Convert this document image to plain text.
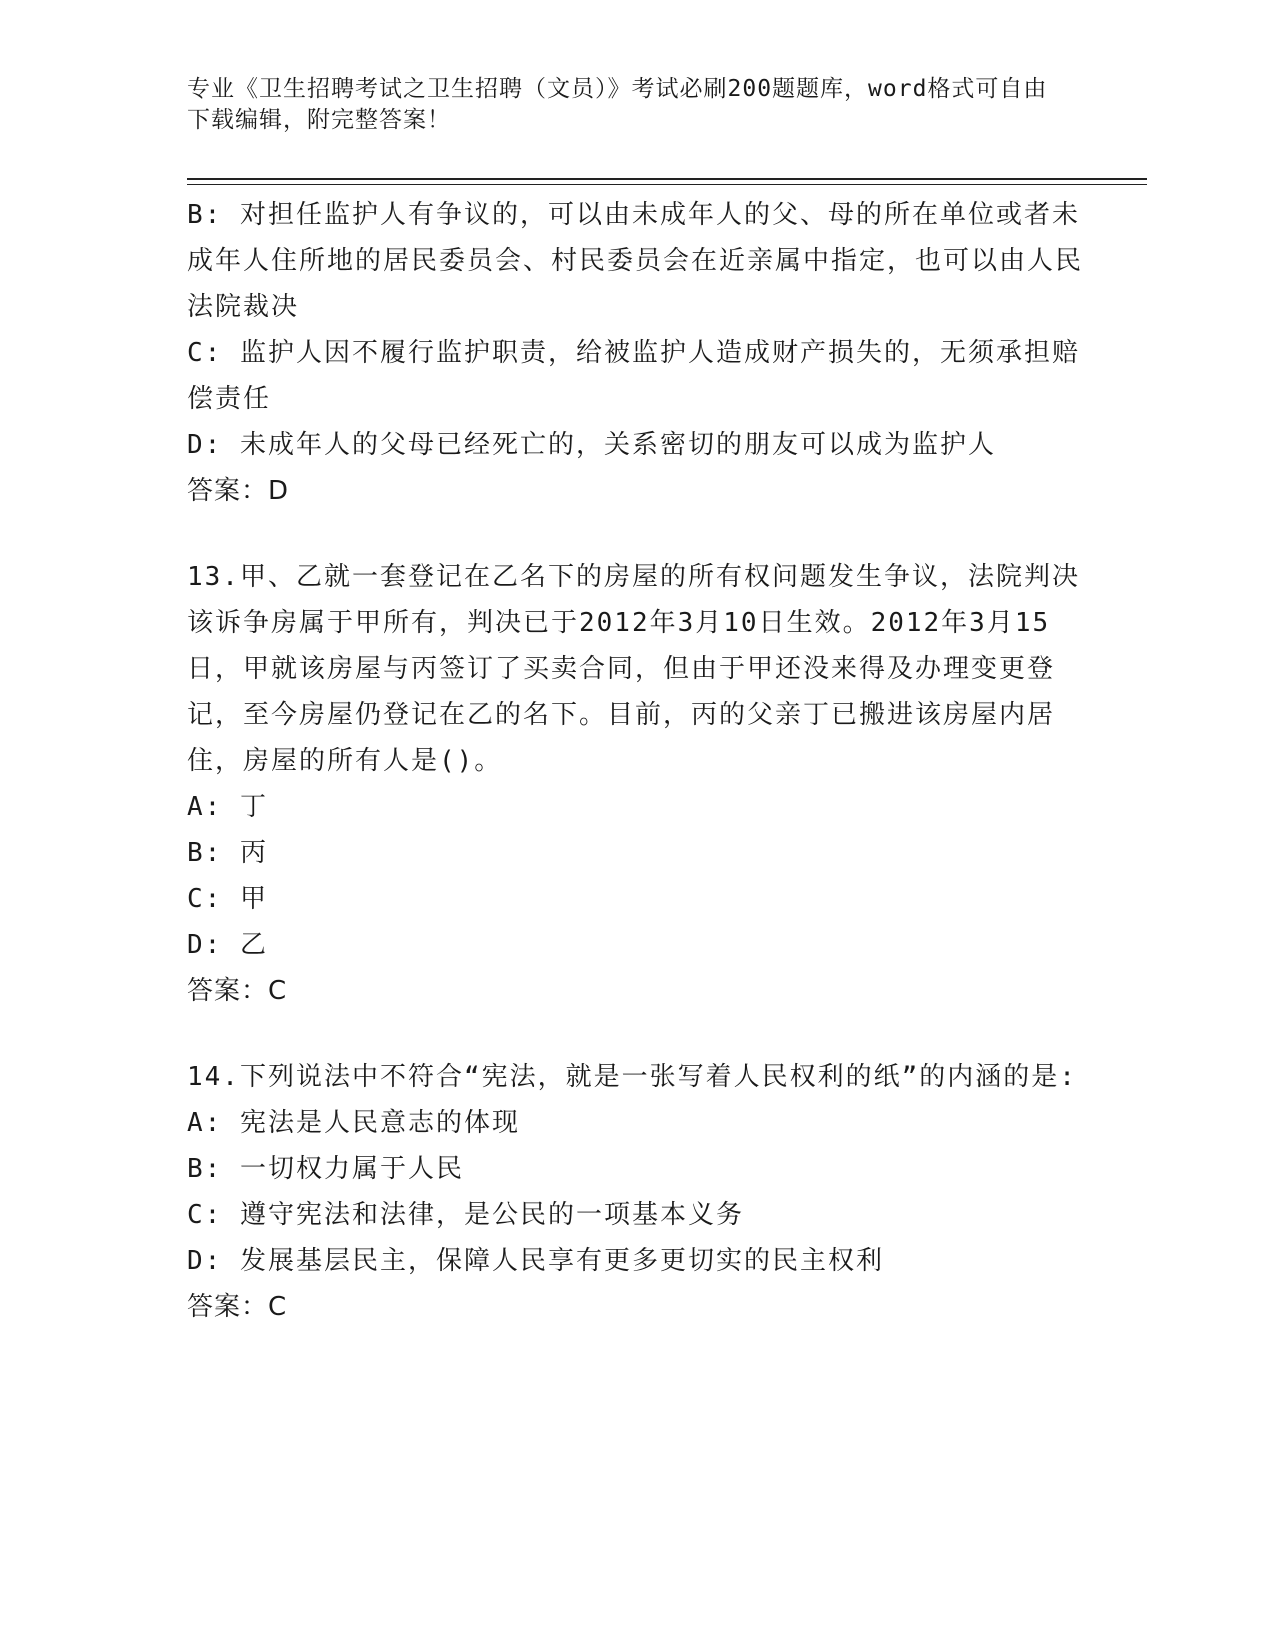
专业《卫生招聘考试之卫生招聘（文员）》考试必刷200题题库，word格式可自由下载编辑，附完整答案！

B: 对担任监护人有争议的，可以由未成年人的父、母的所在单位或者未成年人住所地的居民委员会、村民委员会在近亲属中指定，也可以由人民法院裁决

C: 监护人因不履行监护职责，给被监护人造成财产损失的，无须承担赔偿责任

D: 未成年人的父母已经死亡的，关系密切的朋友可以成为监护人

答案：D

13.甲、乙就一套登记在乙名下的房屋的所有权问题发生争议，法院判决该诉争房属于甲所有，判决已于2012年3月10日生效。2012年3月15日，甲就该房屋与丙签订了买卖合同，但由于甲还没来得及办理变更登记，至今房屋仍登记在乙的名下。目前，丙的父亲丁已搬进该房屋内居住，房屋的所有人是()。

A: 丁

B: 丙

C: 甲

D: 乙

答案：C

14.下列说法中不符合“宪法，就是一张写着人民权利的纸”的内涵的是:

A: 宪法是人民意志的体现

B: 一切权力属于人民

C: 遵守宪法和法律，是公民的一项基本义务

D: 发展基层民主，保障人民享有更多更切实的民主权利

答案：C
